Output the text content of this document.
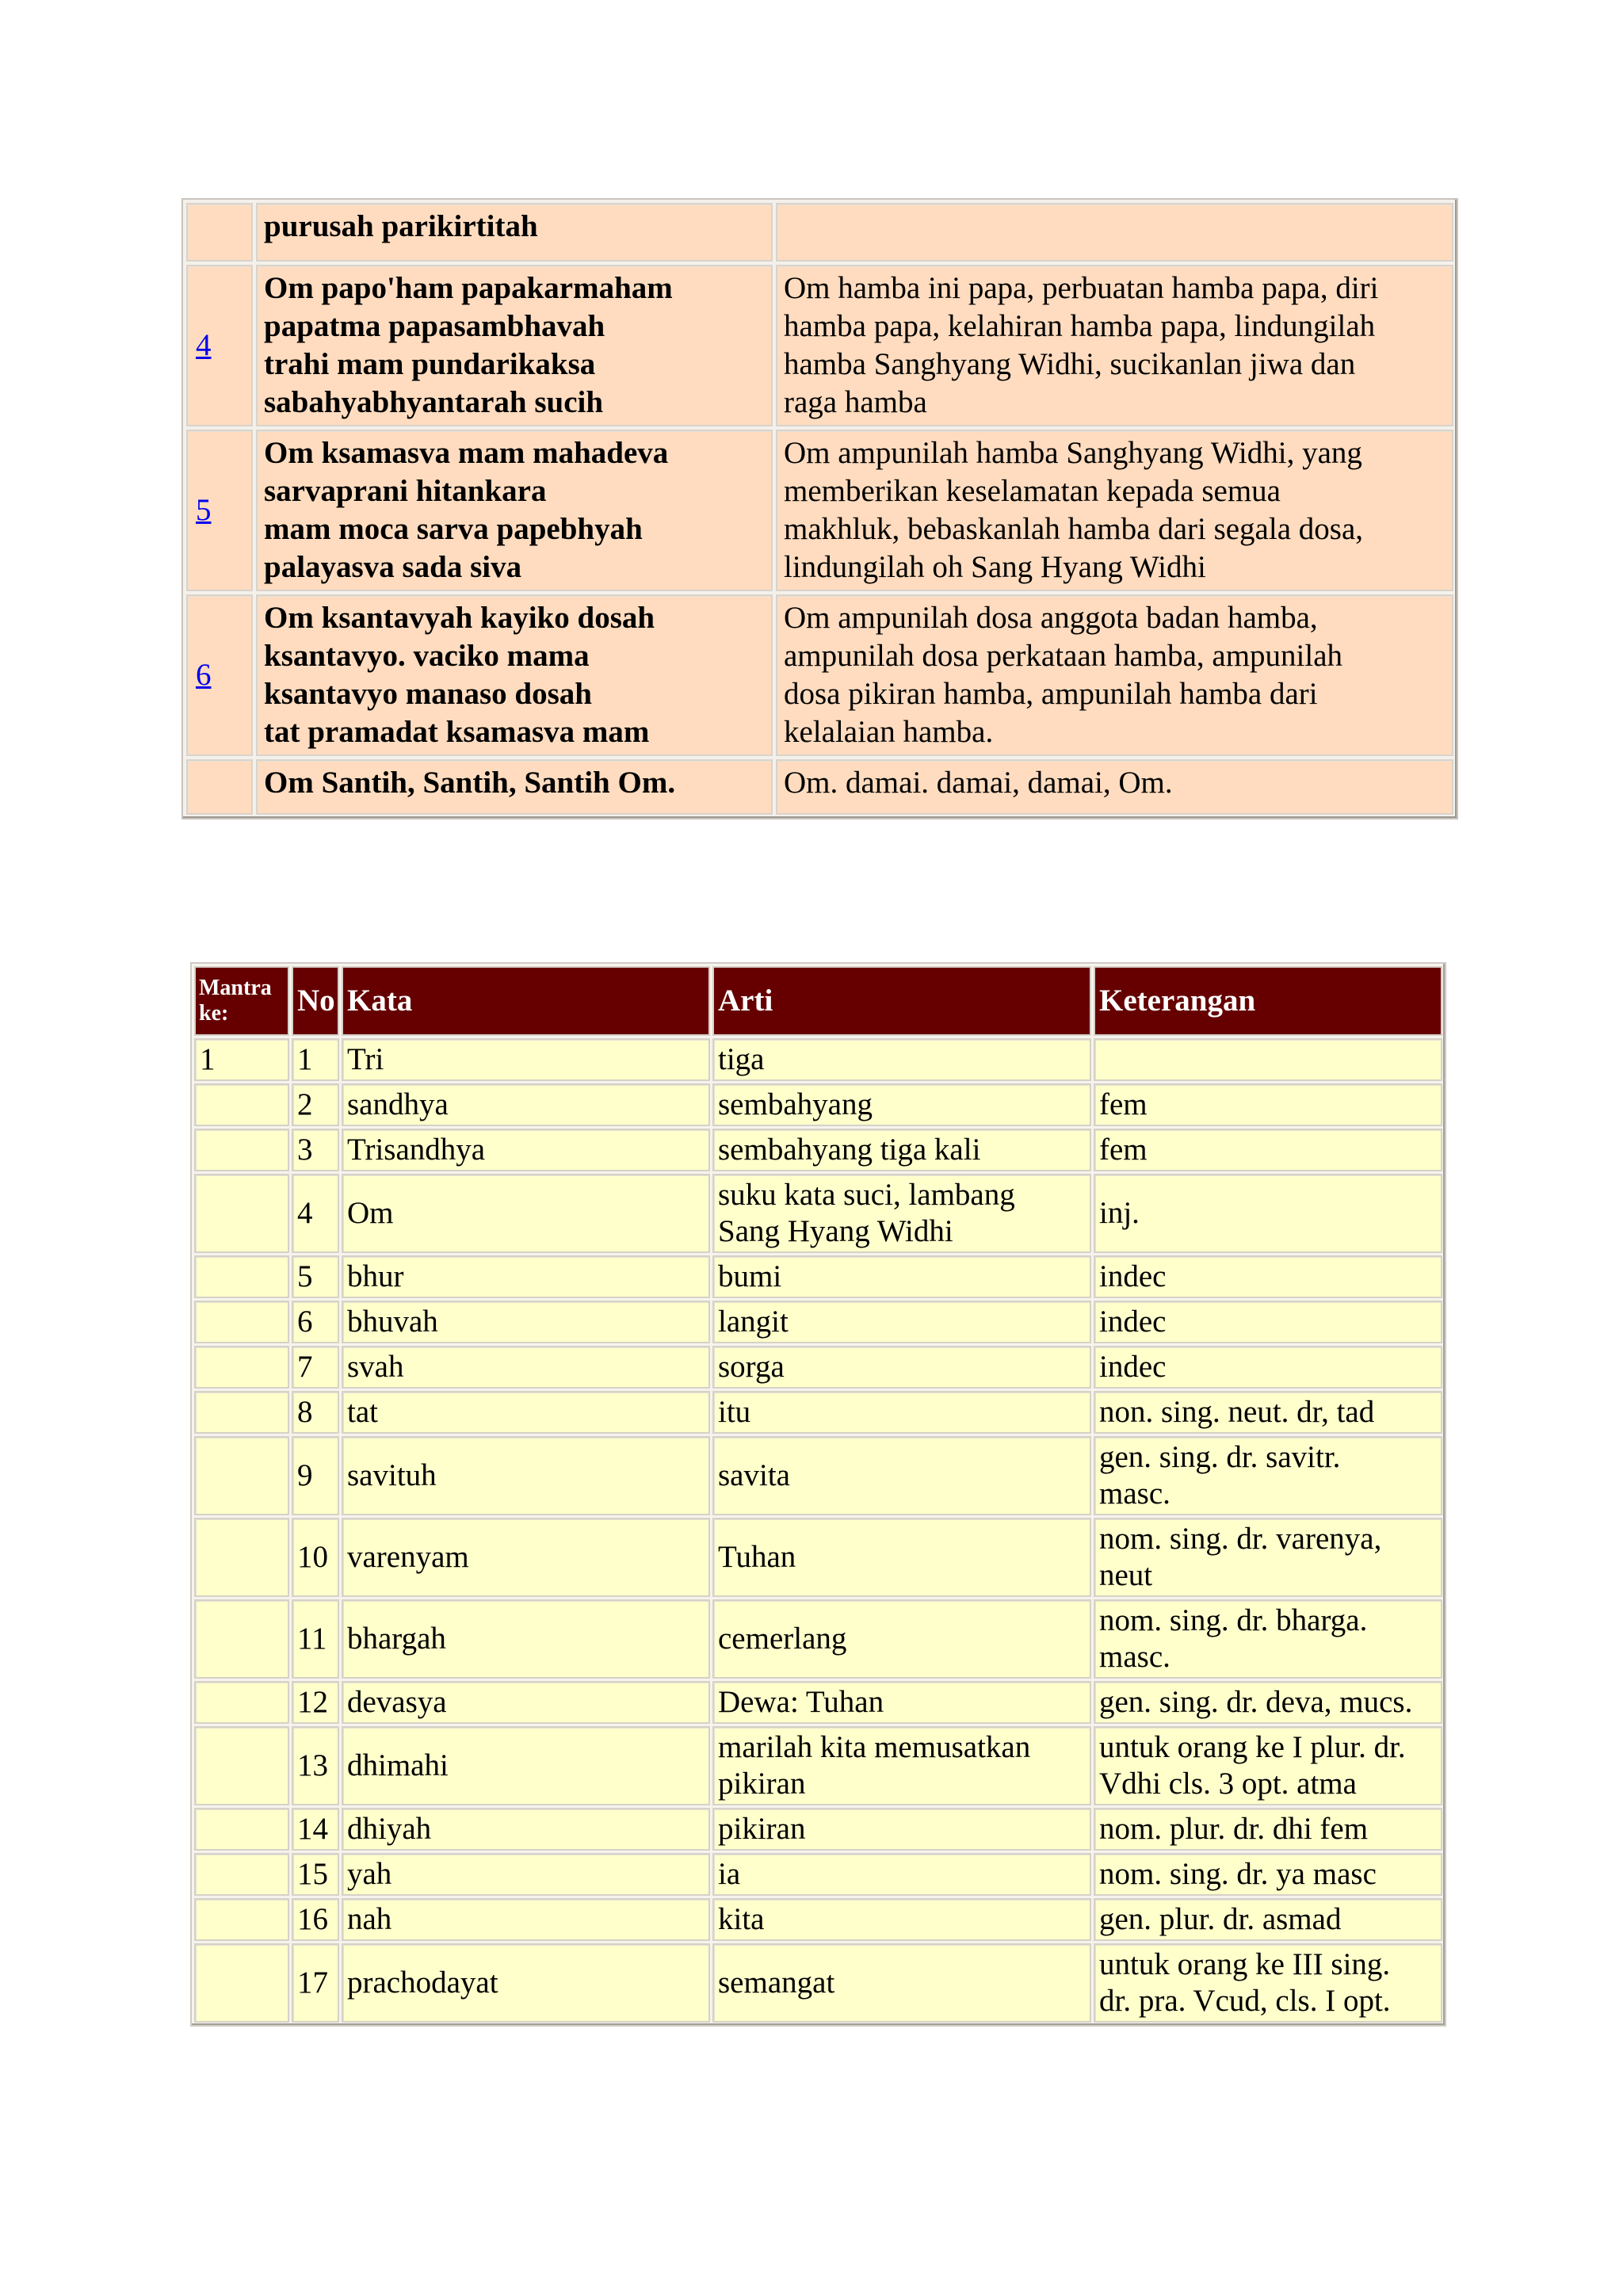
	purusah parikirtitah	

4	Om papo'ham papakarmaham
papatma papasambhavah
trahi mam pundarikaksa
sabahyabhyantarah sucih	Om hamba ini papa, perbuatan hamba papa, diri
hamba papa, kelahiran hamba papa, lindungilah
hamba Sanghyang Widhi, sucikanlan jiwa dan
raga hamba

5	Om ksamasva mam mahadeva
sarvaprani hitankara
mam moca sarva papebhyah
palayasva sada siva	Om ampunilah hamba Sanghyang Widhi, yang
memberikan keselamatan kepada semua
makhluk, bebaskanlah hamba dari segala dosa,
lindungilah oh Sang Hyang Widhi

6	Om ksantavyah kayiko dosah
ksantavyo. vaciko mama
ksantavyo manaso dosah
tat pramadat ksamasva mam	Om ampunilah dosa anggota badan hamba,
ampunilah dosa perkataan hamba, ampunilah
dosa pikiran hamba, ampunilah hamba dari
kelalaian hamba.

	Om Santih, Santih, Santih Om.	Om. damai. damai, damai, Om.
Mantra
ke:	No	Kata	Arti	Keterangan
1	1	Tri	tiga	

	2	sandhya	sembahyang	fem

	3	Trisandhya	sembahyang tiga kali	fem

	4	Om	suku kata suci, lambang
Sang Hyang Widhi	inj.

	5	bhur	bumi	indec

	6	bhuvah	langit	indec

	7	svah	sorga	indec

	8	tat	itu	non. sing. neut. dr, tad

	9	savituh	savita	gen. sing. dr. savitr.
masc.

	10	varenyam	Tuhan	nom. sing. dr. varenya,
neut

	11	bhargah	cemerlang	nom. sing. dr. bharga.
masc.

	12	devasya	Dewa: Tuhan	gen. sing. dr. deva, mucs.

	13	dhimahi	marilah kita memusatkan
pikiran	untuk orang ke I plur. dr.
Vdhi cls. 3 opt. atma

	14	dhiyah	pikiran	nom. plur. dr. dhi fem

	15	yah	ia	nom. sing. dr. ya masc

	16	nah	kita	gen. plur. dr. asmad

	17	prachodayat	semangat	untuk orang ke III sing.
dr. pra. Vcud, cls. I opt.
